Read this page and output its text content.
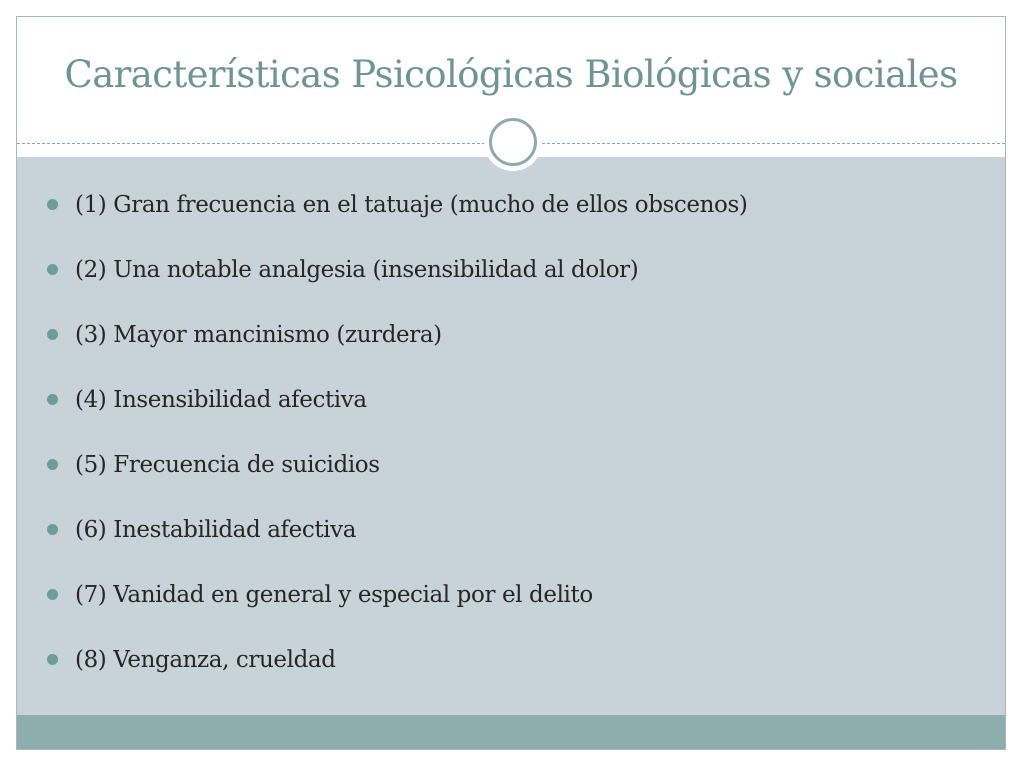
Características Psicológicas Biológicas y sociales
(1) Gran frecuencia en el tatuaje (mucho de ellos obscenos)
(2) Una notable analgesia (insensibilidad al dolor)
(3) Mayor mancinismo (zurdera)
(4) Insensibilidad afectiva
(5) Frecuencia de suicidios
(6) Inestabilidad afectiva
(7) Vanidad en general y especial por el delito
(8) Venganza, crueldad
